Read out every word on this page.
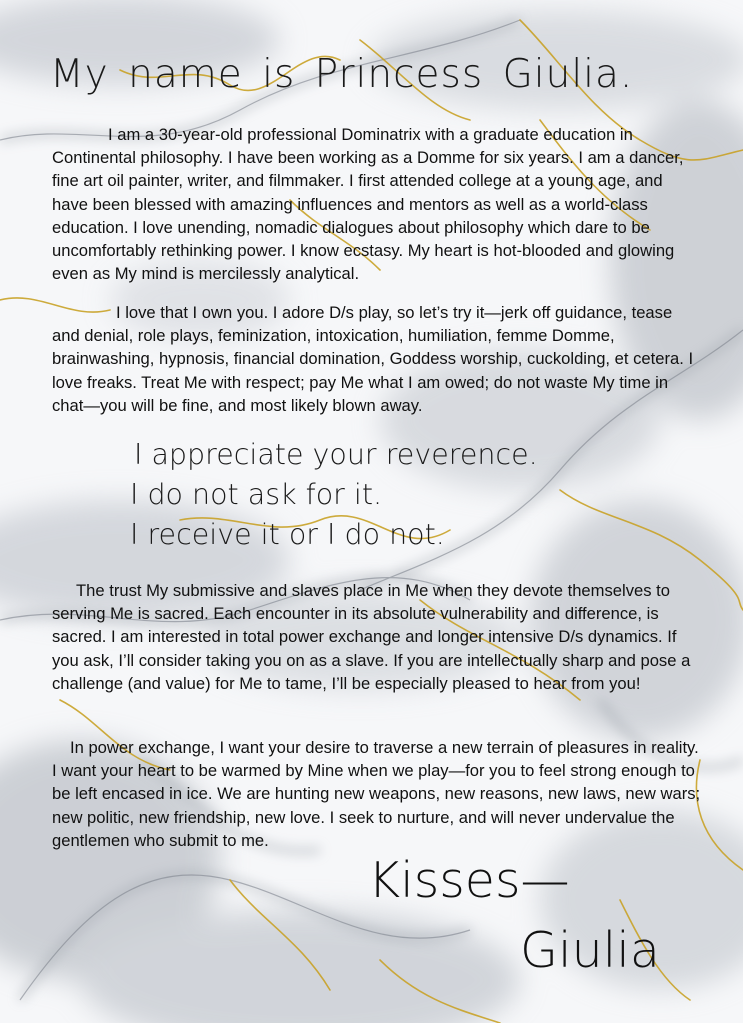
My name is Princess Giulia.

I am a 30-year-old professional Dominatrix with a graduate education in Continental philosophy. I have been working as a Domme for six years. I am a dancer, fine art oil painter, writer, and filmmaker. I first attended college at a young age, and have been blessed with amazing influences and mentors as well as a world-class education. I love unending, nomadic dialogues about philosophy which dare to be uncomfortably rethinking power. I know ecstasy. My heart is hot-blooded and glowing even as My mind is mercilessly analytical.

I love that I own you. I adore D/s play, so let’s try it—jerk off guidance, tease and denial, role plays, feminization, intoxication, humiliation, femme Domme, brainwashing, hypnosis, financial domination, Goddess worship, cuckolding, et cetera. I love freaks. Treat Me with respect; pay Me what I am owed; do not waste My time in chat—you will be fine, and most likely blown away.

I appreciate your reverence.
I do not ask for it.
I receive it or I do not.

The trust My submissive and slaves place in Me when they devote themselves to serving Me is sacred. Each encounter in its absolute vulnerability and difference, is sacred. I am interested in total power exchange and longer intensive D/s dynamics. If you ask, I’ll consider taking you on as a slave. If you are intellectually sharp and pose a challenge (and value) for Me to tame, I’ll be especially pleased to hear from you!

In power exchange, I want your desire to traverse a new terrain of pleasures in reality. I want your heart to be warmed by Mine when we play—for you to feel strong enough to be left encased in ice. We are hunting new weapons, new reasons, new laws, new wars; new politic, new friendship, new love. I seek to nurture, and will never undervalue the gentlemen who submit to me.

Kisses—
Giulia
